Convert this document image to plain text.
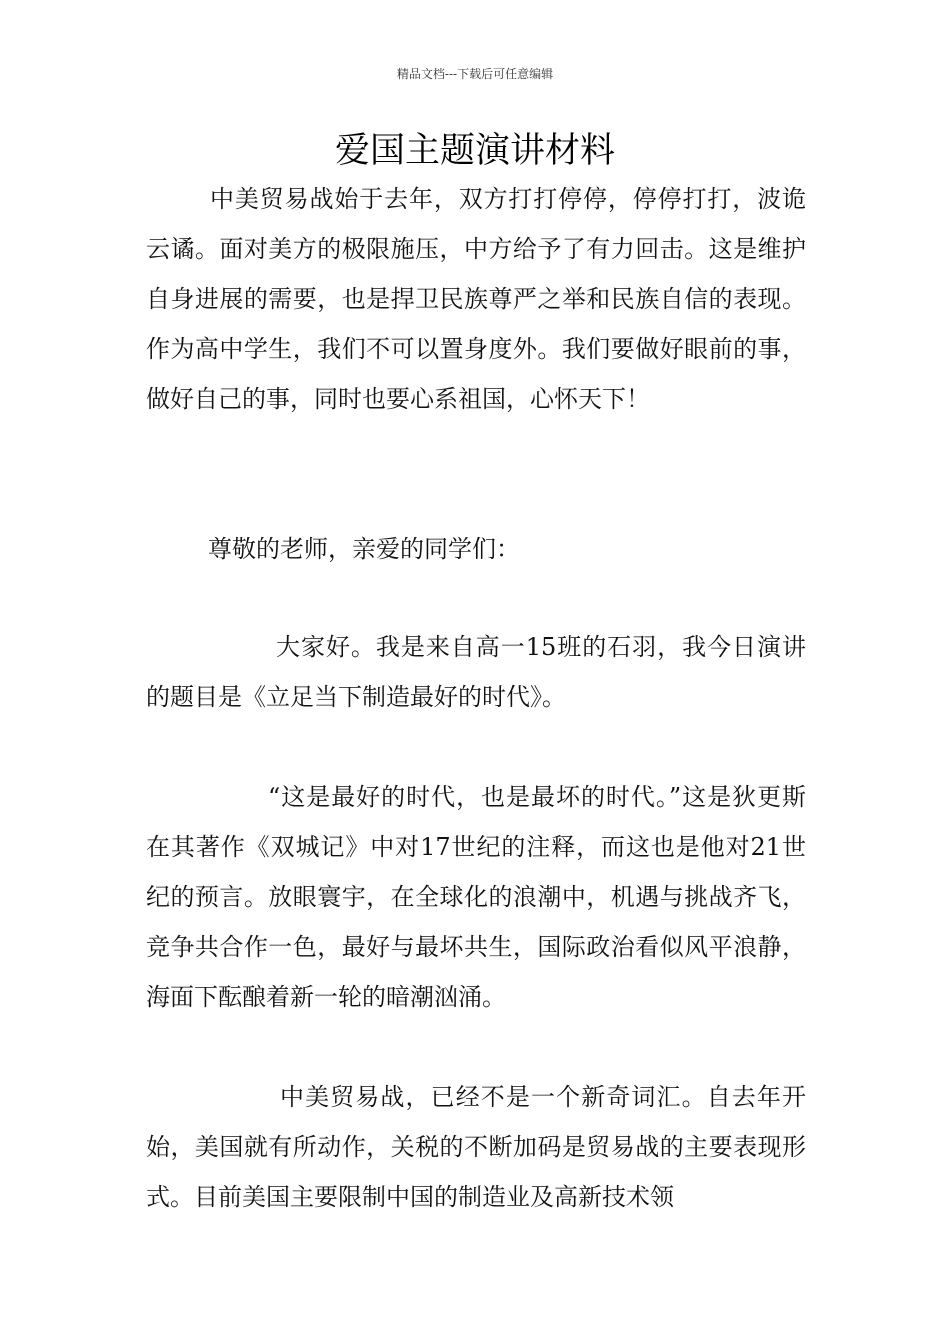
精品文档---下载后可任意编辑
爱国主题演讲材料

中美贸易战始于去年，双方打打停停，停停打打，波诡云谲。面对美方的极限施压，中方给予了有力回击。这是维护自身进展的需要，也是捍卫民族尊严之举和民族自信的表现。作为高中学生，我们不可以置身度外。我们要做好眼前的事，做好自己的事，同时也要心系祖国，心怀天下！

尊敬的老师，亲爱的同学们：

大家好。我是来自高一15班的石羽，我今日演讲的题目是《立足当下制造最好的时代》。

“这是最好的时代，也是最坏的时代。”这是狄更斯在其著作《双城记》中对17世纪的注释，而这也是他对21世纪的预言。放眼寰宇，在全球化的浪潮中，机遇与挑战齐飞，竞争共合作一色，最好与最坏共生，国际政治看似风平浪静，海面下酝酿着新一轮的暗潮汹涌。

中美贸易战，已经不是一个新奇词汇。自去年开始，美国就有所动作，关税的不断加码是贸易战的主要表现形式。目前美国主要限制中国的制造业及高新技术领
